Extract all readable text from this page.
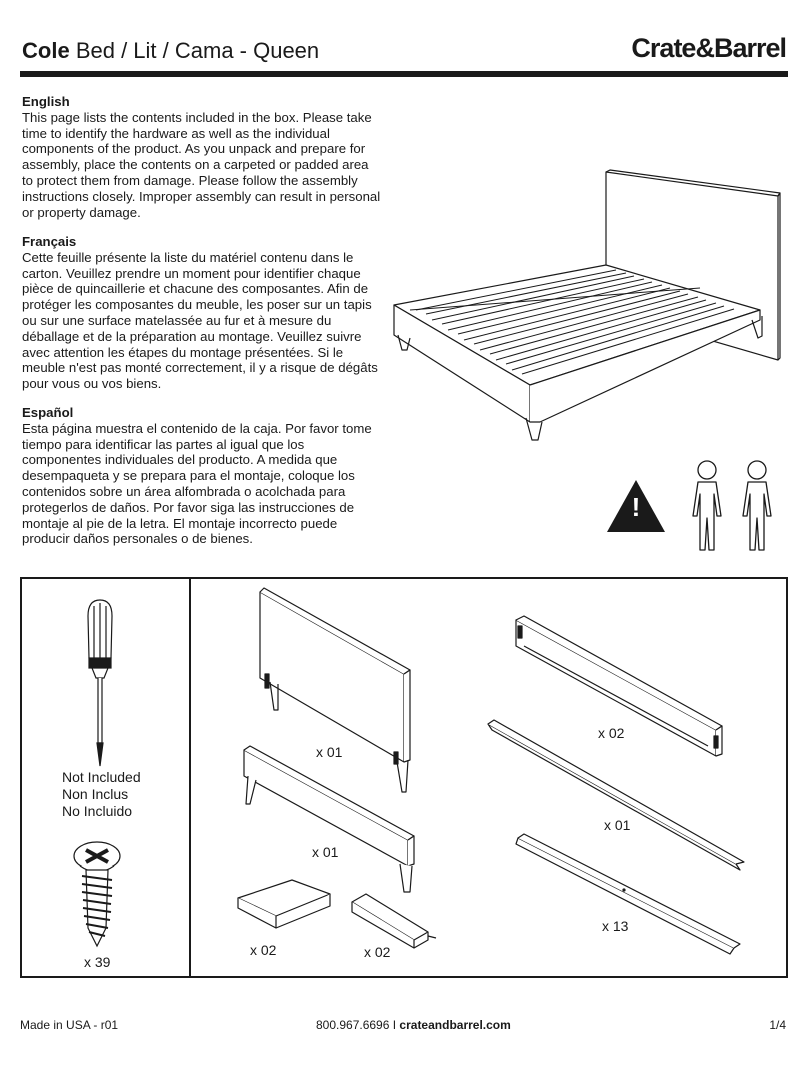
Cole Bed / Lit / Cama - Queen	Crate&Barrel
English

This page lists the contents included in the box. Please take time to identify the hardware as well as the individual components of the product. As you unpack and prepare for assembly, place the contents on a carpeted or padded area to protect them from damage. Please follow the assembly instructions closely. Improper assembly can result in personal or property damage.

Français

Cette feuille présente la liste du matériel contenu dans le carton. Veuillez prendre un moment pour identifier chaque pièce de quincaillerie et chacune des composantes. Afin de protéger les composantes du meuble, les poser sur un tapis ou sur une surface matelassée au fur et à mesure du déballage et de la préparation au montage. Veuillez suivre avec attention les étapes du montage présentées. Si le meuble n'est pas monté correctement, il y a risque de dégâts pour vous ou vos biens.

Español

Esta página muestra el contenido de la caja. Por favor tome tiempo para identificar las partes al igual que los componentes individuales del producto. A medida que desempaqueta y se prepara para el montaje, coloque los contenidos sobre un área alfombrada o acolchada para protegerlos de daños. Por favor siga las instrucciones de montaje al pie de la letra. El montaje incorrecto puede producir daños personales o de bienes.

!
Not Included
Non Inclus
No Incluido
x 39
x 01
x 01
x 02	x 02
x 02
x 01
x 13
Made in USA - r01	800.967.6696 I crateandbarrel.com	1/4
